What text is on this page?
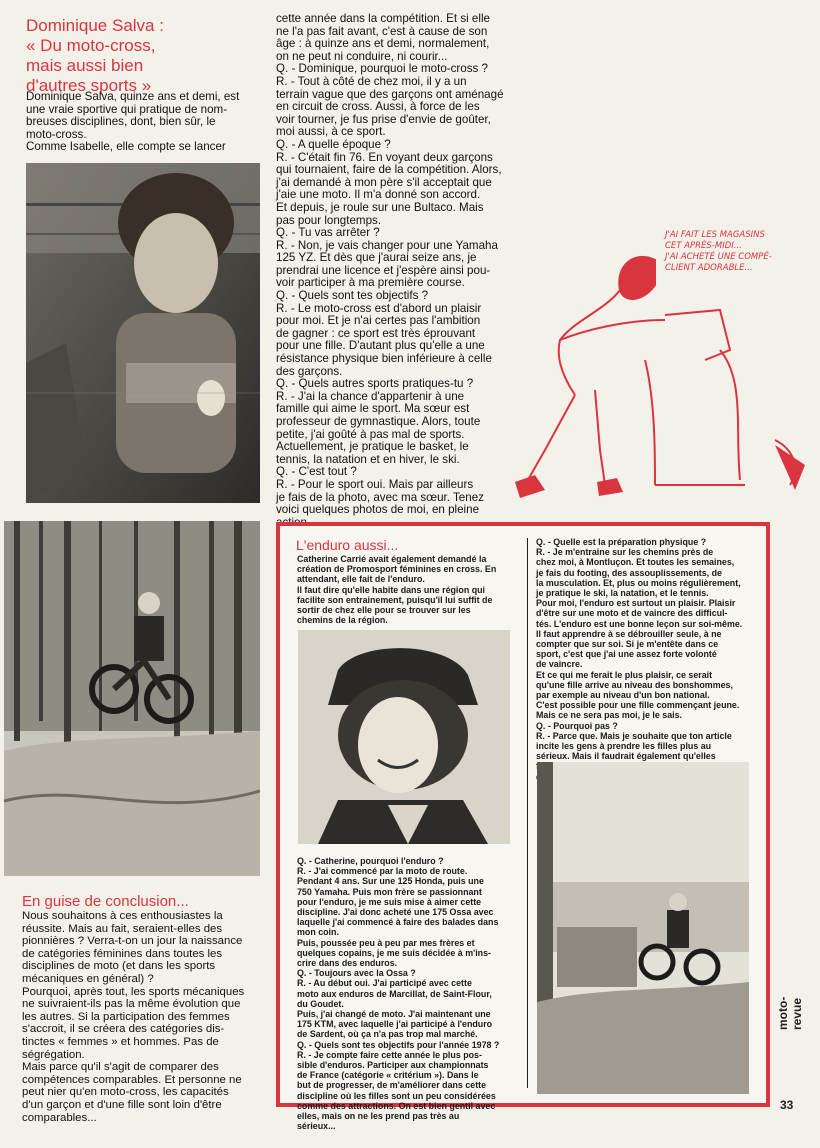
Dominique Salva :
« Du moto-cross,
mais aussi bien
d'autres sports »
Dominique Salva, quinze ans et demi, est
une vraie sportive qui pratique de nom-
breuses disciplines, dont, bien sûr, le
moto-cross.
Comme Isabelle, elle compte se lancer
cette année dans la compétition. Et si elle
ne l'a pas fait avant, c'est à cause de son
âge : à quinze ans et demi, normalement,
on ne peut ni conduire, ni courir...
Q. - Dominique, pourquoi le moto-cross ?
R. - Tout à côté de chez moi, il y a un
terrain vague que des garçons ont aménagé
en circuit de cross. Aussi, à force de les
voir tourner, je fus prise d'envie de goûter,
moi aussi, à ce sport.
Q. - A quelle époque ?
R. - C'était fin 76. En voyant deux garçons
qui tournaient, faire de la compétition. Alors,
j'ai demandé à mon père s'il acceptait que
j'aie une moto. Il m'a donné son accord.
Et depuis, je roule sur une Bultaco. Mais
pas pour longtemps.
Q. - Tu vas arrêter ?
R. - Non, je vais changer pour une Yamaha
125 YZ. Et dès que j'aurai seize ans, je
prendrai une licence et j'espère ainsi pou-
voir participer à ma première course.
Q. - Quels sont tes objectifs ?
R. - Le moto-cross est d'abord un plaisir
pour moi. Et je n'ai certes pas l'ambition
de gagner : ce sport est très éprouvant
pour une fille. D'autant plus qu'elle a une
résistance physique bien inférieure à celle
des garçons.
Q. - Quels autres sports pratiques-tu ?
R. - J'ai la chance d'appartenir à une
famille qui aime le sport. Ma sœur est
professeur de gymnastique. Alors, toute
petite, j'ai goûté à pas mal de sports.
Actuellement, je pratique le basket, le
tennis, la natation et en hiver, le ski.
Q. - C'est tout ?
R. - Pour le sport oui. Mais par ailleurs
je fais de la photo, avec ma sœur. Tenez
voici quelques photos de moi, en pleine

J'AI FAIT LES MAGASINS
CET APRÈS-MIDI...
J'AI ACHETÉ UNE COMPÉ-
CLIENT ADORABLE...
En guise de conclusion...
Nous souhaitons à ces enthousiastes la
réussite. Mais au fait, seraient-elles des
pionnières ? Verra-t-on un jour la naissance
de catégories féminines dans toutes les
disciplines de moto (et dans les sports
mécaniques en général) ?
Pourquoi, après tout, les sports mécaniques
ne suivraient-ils pas la même évolution que
les autres. Si la participation des femmes
s'accroit, il se créera des catégories dis-
tinctes « femmes » et hommes. Pas de
ségrégation.
Mais parce qu'il s'agit de comparer des
compétences comparables. Et personne ne
peut nier qu'en moto-cross, les capacités
d'un garçon et d'une fille sont loin d'être
comparables...
L'enduro aussi...
Catherine Carrié avait également demandé la
création de Promosport féminines en cross. En
attendant, elle fait de l'enduro.
Il faut dire qu'elle habite dans une région qui
facilite son entrainement, puisqu'il lui suffit de
sortir de chez elle pour se trouver sur les
chemins de la région.
Q. - Catherine, pourquoi l'enduro ?
R. - J'ai commencé par la moto de route.
Pendant 4 ans. Sur une 125 Honda, puis une
750 Yamaha. Puis mon frère se passionnant
pour l'enduro, je me suis mise à aimer cette
discipline. J'ai donc acheté une 175 Ossa avec
laquelle j'ai commencé à faire des balades dans
mon coin.
Puis, poussée peu à peu par mes frères et
quelques copains, je me suis décidée à m'ins-
crire dans des enduros.
Q. - Toujours avec la Ossa ?
R. - Au début oui. J'ai participé avec cette
moto aux enduros de Marcillat, de Saint-Flour,
du Goudet.
Puis, j'ai changé de moto. J'ai maintenant une
175 KTM, avec laquelle j'ai participé à l'enduro
de Sardent, où ça n'a pas trop mal marché.
Q. - Quels sont tes objectifs pour l'année 1978 ?
R. - Je compte faire cette année le plus pos-
sible d'enduros. Participer aux championnats
de France (catégorie « critérium »). Dans le
but de progresser, de m'améliorer dans cette
discipline où les filles sont un peu considérées
comme des attractions. On est bien gentil avec
elles, mais on ne les prend pas très au
sérieux...
Q. - Quelle est la préparation physique ?
R. - Je m'entraine sur les chemins près de
chez moi, à Montluçon. Et toutes les semaines,
je fais du footing, des assouplissements, de
la musculation. Et, plus ou moins régulièrement,
je pratique le ski, la natation, et le tennis.
Pour moi, l'enduro est surtout un plaisir. Plaisir
d'être sur une moto et de vaincre des difficul-
tés. L'enduro est une bonne leçon sur soi-même.
Il faut apprendre à se débrouiller seule, à ne
compter que sur soi. Si je m'entête dans ce
sport, c'est que j'ai une assez forte volonté
de vaincre.
Et ce qui me ferait le plus plaisir, ce serait
qu'une fille arrive au niveau des bonshommes,
par exemple au niveau d'un bon national.
C'est possible pour une fille commençant jeune.
Mais ce ne sera pas moi, je le sais.
Q. - Pourquoi pas ?
R. - Parce que. Mais je souhaite que ton article
incite les gens à prendre les filles plus au
sérieux. Mais il faudrait également qu'elles

moto-revue
33
